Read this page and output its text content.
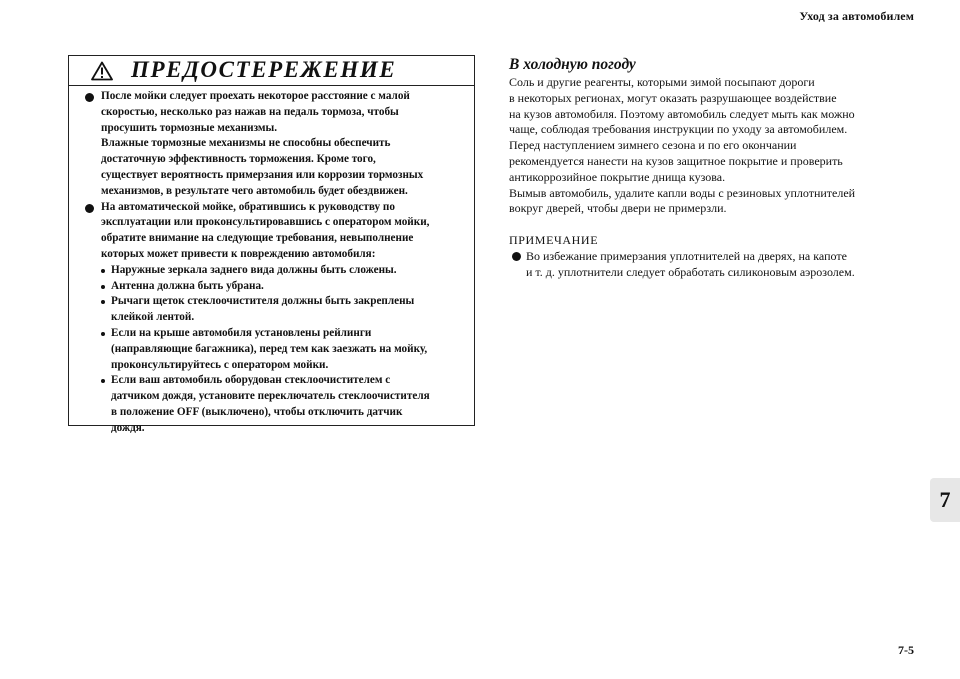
Уход за автомобилем
ПРЕДОСТЕРЕЖЕНИЕ
После мойки следует проехать некоторое расстояние с малой
скоростью, несколько раз нажав на педаль тормоза, чтобы
просушить тормозные механизмы.
Влажные тормозные механизмы не способны обеспечить
достаточную эффективность торможения. Кроме того,
существует вероятность примерзания или коррозии тормозных
механизмов, в результате чего автомобиль будет обездвижен.
На автоматической мойке, обратившись к руководству по
эксплуатации или проконсультировавшись с оператором мойки,
обратите внимание на следующие требования, невыполнение
которых может привести к повреждению автомобиля:
Наружные зеркала заднего вида должны быть сложены.
Антенна должна быть убрана.
Рычаги щеток стеклоочистителя должны быть закреплены
клейкой лентой.
Если на крыше автомобиля установлены рейлинги
(направляющие багажника), перед тем как заезжать на мойку,
проконсультируйтесь с оператором мойки.
Если ваш автомобиль оборудован стеклоочистителем с
датчиком дождя, установите переключатель стеклоочистителя
в положение OFF (выключено), чтобы отключить датчик
дождя.
В холодную погоду
Соль и другие реагенты, которыми зимой посыпают дороги
в некоторых регионах, могут оказать разрушающее воздействие
на кузов автомобиля. Поэтому автомобиль следует мыть как можно
чаще, соблюдая требования инструкции по уходу за автомобилем.
Перед наступлением зимнего сезона и по его окончании
рекомендуется нанести на кузов защитное покрытие и проверить
антикоррозийное покрытие днища кузова.
Вымыв автомобиль, удалите капли воды с резиновых уплотнителей
вокруг дверей, чтобы двери не примерзли.
ПРИМЕЧАНИЕ
Во избежание примерзания уплотнителей на дверях, на капоте
и т. д. уплотнители следует обработать силиконовым аэрозолем.
7
7-5
